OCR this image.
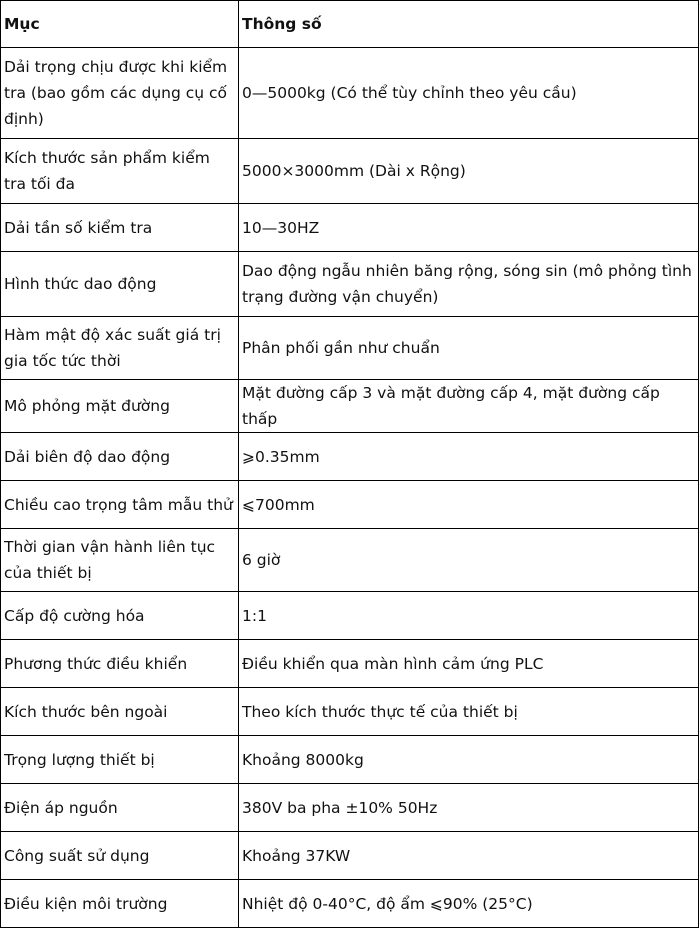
Mục	Thông số
Dải trọng chịu được khi kiểm tra (bao gồm các dụng cụ cố định)	0—5000kg (Có thể tùy chỉnh theo yêu cầu)
Kích thước sản phẩm kiểm tra tối đa	5000×3000mm (Dài x Rộng)
Dải tần số kiểm tra	10—30HZ
Hình thức dao động	Dao động ngẫu nhiên băng rộng, sóng sin (mô phỏng tình trạng đường vận chuyển)
Hàm mật độ xác suất giá trị gia tốc tức thời	Phân phối gần như chuẩn
Mô phỏng mặt đường	Mặt đường cấp 3 và mặt đường cấp 4, mặt đường cấp thấp
Dải biên độ dao động	⩾0.35mm
Chiều cao trọng tâm mẫu thử	⩽700mm
Thời gian vận hành liên tục của thiết bị	6 giờ
Cấp độ cường hóa	1:1
Phương thức điều khiển	Điều khiển qua màn hình cảm ứng PLC
Kích thước bên ngoài	Theo kích thước thực tế của thiết bị
Trọng lượng thiết bị	Khoảng 8000kg
Điện áp nguồn	380V ba pha ±10% 50Hz
Công suất sử dụng	Khoảng 37KW
Điều kiện môi trường	Nhiệt độ 0-40°C, độ ẩm ⩽90% (25°C)
